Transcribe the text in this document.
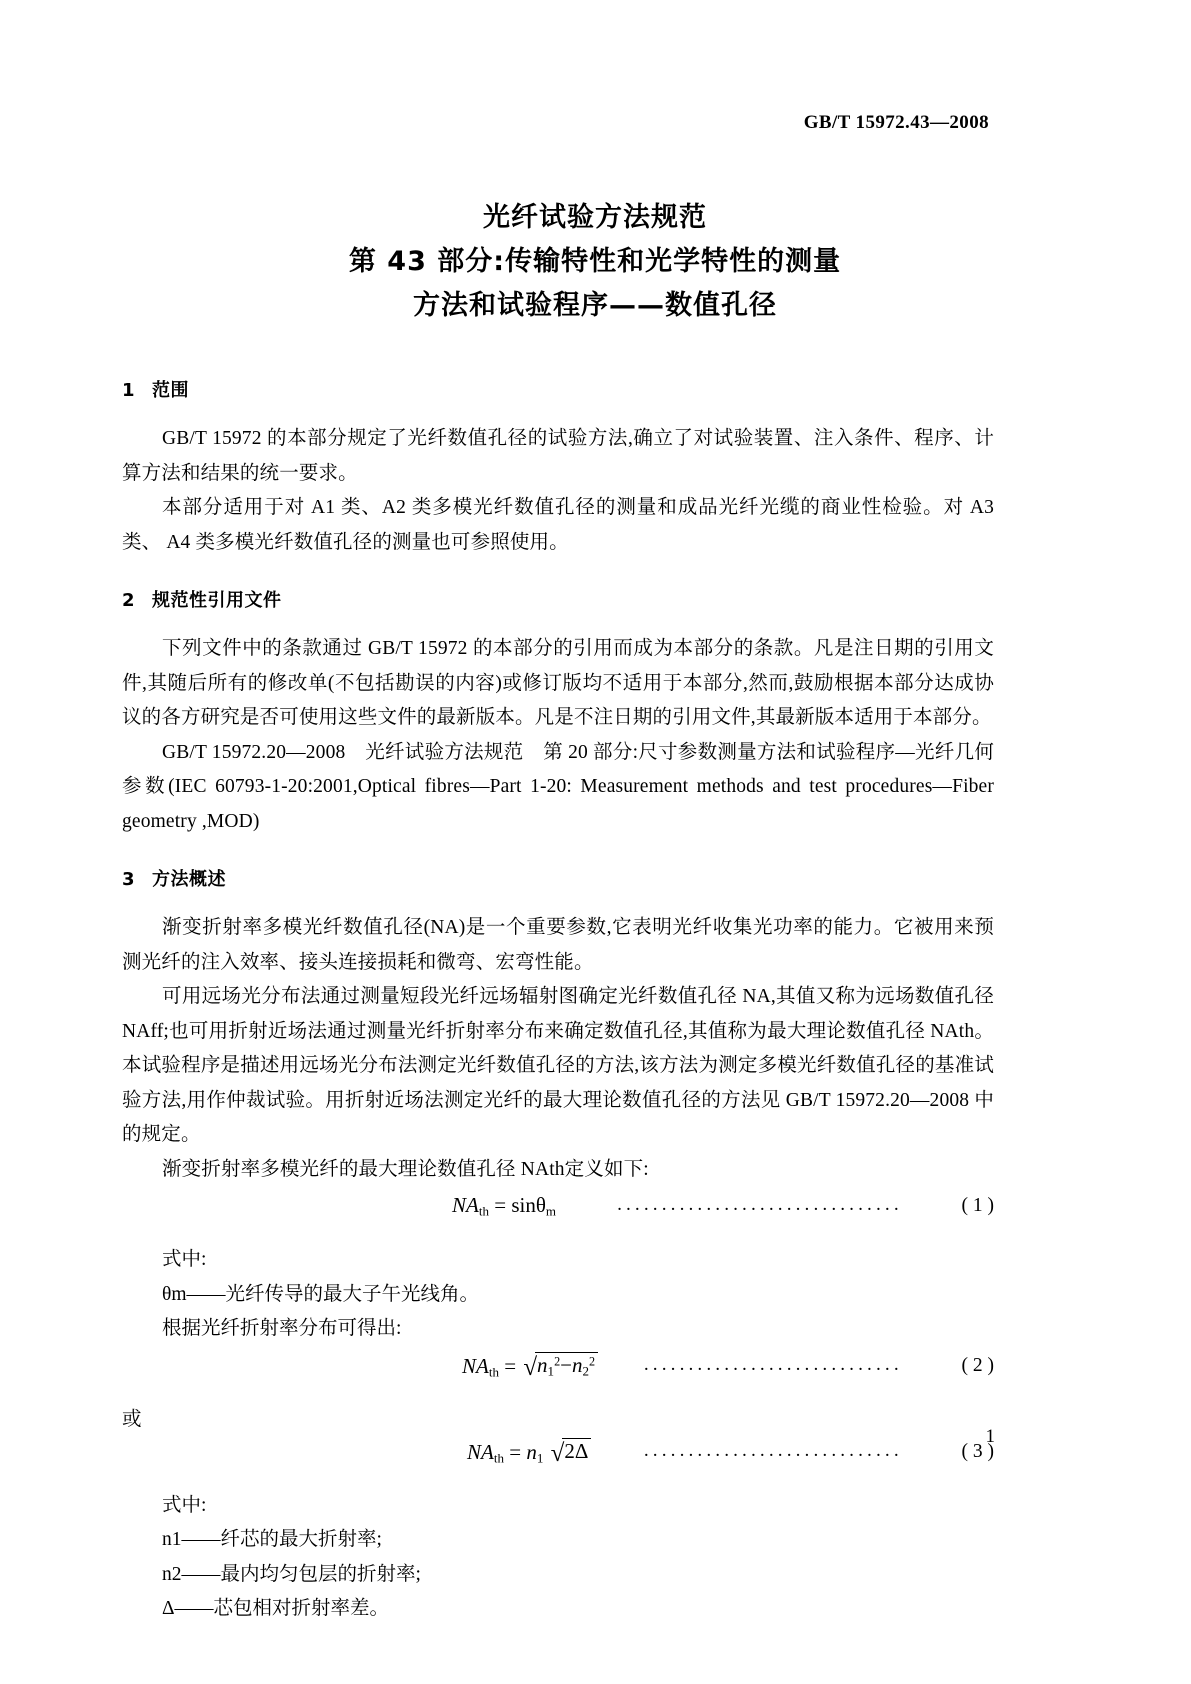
GB/T 15972.43—2008
光纤试验方法规范
第 43 部分:传输特性和光学特性的测量
方法和试验程序——数值孔径
1 范围

GB/T 15972 的本部分规定了光纤数值孔径的试验方法,确立了对试验装置、注入条件、程序、计算方法和结果的统一要求。

本部分适用于对 A1 类、A2 类多模光纤数值孔径的测量和成品光纤光缆的商业性检验。对 A3 类、 A4 类多模光纤数值孔径的测量也可参照使用。

2 规范性引用文件

下列文件中的条款通过 GB/T 15972 的本部分的引用而成为本部分的条款。凡是注日期的引用文件,其随后所有的修改单(不包括勘误的内容)或修订版均不适用于本部分,然而,鼓励根据本部分达成协议的各方研究是否可使用这些文件的最新版本。凡是不注日期的引用文件,其最新版本适用于本部分。

GB/T 15972.20—2008　光纤试验方法规范　第 20 部分:尺寸参数测量方法和试验程序—光纤几何参数(IEC 60793-1-20:2001,Optical fibres—Part 1-20: Measurement methods and test procedures—Fiber geometry ,MOD)

3 方法概述

渐变折射率多模光纤数值孔径(NA)是一个重要参数,它表明光纤收集光功率的能力。它被用来预测光纤的注入效率、接头连接损耗和微弯、宏弯性能。

可用远场光分布法通过测量短段光纤远场辐射图确定光纤数值孔径 NA,其值又称为远场数值孔径 NAff;也可用折射近场法通过测量光纤折射率分布来确定数值孔径,其值称为最大理论数值孔径 NAth。本试验程序是描述用远场光分布法测定光纤数值孔径的方法,该方法为测定多模光纤数值孔径的基准试验方法,用作仲裁试验。用折射近场法测定光纤的最大理论数值孔径的方法见 GB/T 15972.20—2008 中的规定。

渐变折射率多模光纤的最大理论数值孔径 NAth定义如下:

$NA_{th} = \sin\theta_m$	································	( 1 )

式中:

θm——光纤传导的最大子午光线角。

根据光纤折射率分布可得出:

$NA_{th} = √n_1^2-n_2^2$	·····························	( 2 )
或
$NA_{th} = n_1$ √2Δ	·····························	( 3 )

式中:

n1——纤芯的最大折射率;

n2——最内均匀包层的折射率;

Δ——芯包相对折射率差。

1
